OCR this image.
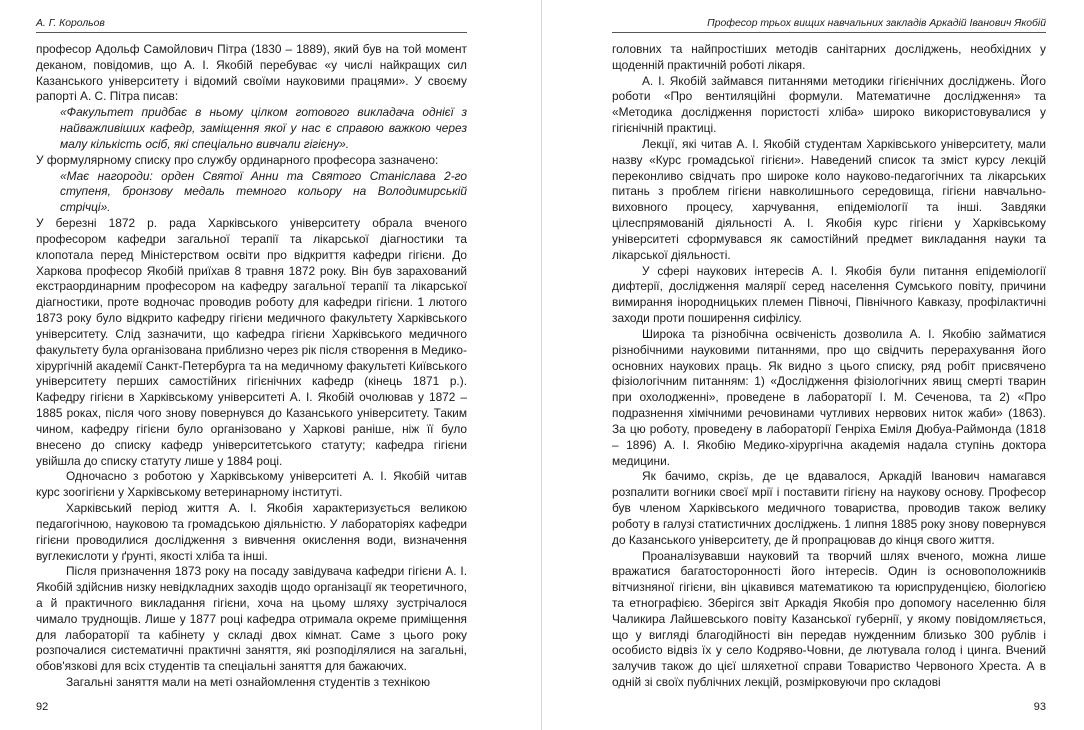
А. Г. Корольов

професор Адольф Самойлович Пітра (1830 – 1889), який був на той момент деканом, повідомив, що А. І. Якобій перебуває «у числі найкращих сил Казанського університету і відомий своїми науковими працями». У своєму рапорті А. С. Пітра писав:

«Факультет придбає в ньому цілком готового викладача однієї з найважливіших кафедр, заміщення якої у нас є справою важкою через малу кількість осіб, які спеціально вивчали гігієну».

У формулярному списку про службу ординарного професора зазначено:

«Має нагороди: орден Святої Анни та Святого Станіслава 2-го ступеня, бронзову медаль темного кольору на Володимирській стрічці».

У березні 1872 р. рада Харківського університету обрала вченого професором кафедри загальної терапії та лікарської діагностики та клопотала перед Міністерством освіти про відкриття кафедри гігієни. До Харкова професор Якобій приїхав 8 травня 1872 року. Він був зарахований екстраординарним професором на кафедру загальної терапії та лікарської діагностики, проте водночас проводив роботу для кафедри гігієни. 1 лютого 1873 року було відкрито кафедру гігієни медичного факультету Харківського університету. Слід зазначити, що кафедра гігієни Харківського медичного факультету була організована приблизно через рік після створення в Медико-хірургічній академії Санкт-Петербурга та на медичному факультеті Київського університету перших самостійних гігієнічних кафедр (кінець 1871 р.). Кафедру гігієни в Харківському університеті А. І. Якобій очолював у 1872 – 1885 роках, після чого знову повернувся до Казанського університету. Таким чином, кафедру гігієни було організовано у Харкові раніше, ніж її було внесено до списку кафедр університетського статуту; кафедра гігієни увійшла до списку статуту лише у 1884 році.

Одночасно з роботою у Харківському університеті А. І. Якобій читав курс зоогігієни у Харківському ветеринарному інституті.

Харківський період життя А. І. Якобія характеризується великою педагогічною, науковою та громадською діяльністю. У лабораторіях кафедри гігієни проводилися дослідження з вивчення окислення води, визначення вуглекислоти у ґрунті, якості хліба та інші.

Після призначення 1873 року на посаду завідувача кафедри гігієни А. І. Якобій здійснив низку невідкладних заходів щодо організації як теоретичного, а й практичного викладання гігієни, хоча на цьому шляху зустрічалося чимало труднощів. Лише у 1877 році кафедра отримала окреме приміщення для лабораторії та кабінету у складі двох кімнат. Саме з цього року розпочалися систематичні практичні заняття, які розподілялися на загальні, обов'язкові для всіх студентів та спеціальні заняття для бажаючих.

Загальні заняття мали на меті ознайомлення студентів з технікою

92
Професор трьох вищих навчальних закладів Аркадій Іванович Якобій

головних та найпростіших методів санітарних досліджень, необхідних у щоденній практичній роботі лікаря.

А. І. Якобій займався питаннями методики гігієнічних досліджень. Його роботи «Про вентиляційні формули. Математичне дослідження» та «Методика дослідження пористості хліба» широко використовувалися у гігієнічній практиці.

Лекції, які читав А. І. Якобій студентам Харківського університету, мали назву «Курс громадської гігієни». Наведений список та зміст курсу лекцій переконливо свідчать про широке коло науково-педагогічних та лікарських питань з проблем гігієни навколишнього середовища, гігієни навчально-виховного процесу, харчування, епідеміології та інші. Завдяки цілеспрямованій діяльності А. І. Якобія курс гігієни у Харківському університеті сформувався як самостійний предмет викладання науки та лікарської діяльності.

У сфері наукових інтересів А. І. Якобія були питання епідеміології дифтерії, дослідження малярії серед населення Сумського повіту, причини вимирання інородницьких племен Півночі, Північного Кавказу, профілактичні заходи проти поширення сифілісу.

Широка та різнобічна освіченість дозволила А. І. Якобію займатися різнобічними науковими питаннями, про що свідчить перерахування його основних наукових праць. Як видно з цього списку, ряд робіт присвячено фізіологічним питанням: 1) «Дослідження фізіологічних явищ смерті тварин при охолодженні», проведене в лабораторії І. М. Сеченова, та 2) «Про подразнення хімічними речовинами чутливих нервових ниток жаби» (1863). За цю роботу, проведену в лабораторії Генріха Еміля Дюбуа-Раймонда (1818 – 1896) А. І. Якобію Медико-хірургічна академія надала ступінь доктора медицини.

Як бачимо, скрізь, де це вдавалося, Аркадій Іванович намагався розпалити вогники своєї мрії і поставити гігієну на наукову основу. Професор був членом Харківського медичного товариства, проводив також велику роботу в галузі статистичних досліджень. 1 липня 1885 року знову повернувся до Казанського університету, де й пропрацював до кінця свого життя.

Проаналізувавши науковий та творчий шлях вченого, можна лише вражатися багатосторонності його інтересів. Один із основоположників вітчизняної гігієни, він цікавився математикою та юриспруденцією, біологією та етнографією. Зберігся звіт Аркадія Якобія про допомогу населенню біля Чаликира Лайшевського повіту Казанської губернії, у якому повідомляється, що у вигляді благодійності він передав нужденним близько 300 рублів і особисто відвіз їх у село Кодряво-Човни, де лютувала голод і цинга. Вчений залучив також до цієї шляхетної справи Товариство Червоного Хреста. А в одній зі своїх публічних лекцій, розмірковуючи про складові

93
